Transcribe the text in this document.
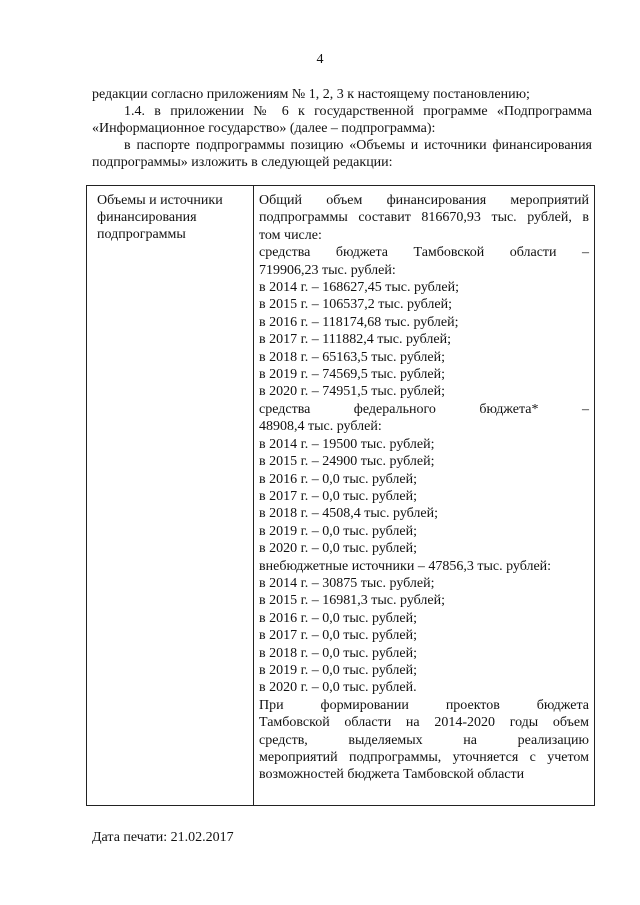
4
редакции согласно приложениям № 1, 2, 3 к настоящему постановлению;
1.4. в приложении № 6 к государственной программе «Подпрограмма «Информационное государство» (далее – подпрограмма):
в паспорте подпрограммы позицию «Объемы и источники финансирования подпрограммы» изложить в следующей редакции:
Объемы и источники финансирования подпрограммы
Общий объем финансирования мероприятий
подпрограммы составит 816670,93 тыс. рублей, в
том числе:
средства бюджета Тамбовской области –
719906,23 тыс. рублей:
в 2014 г. – 168627,45 тыс. рублей;
в 2015 г. – 106537,2 тыс. рублей;
в 2016 г. – 118174,68 тыс. рублей;
в 2017 г. – 111882,4 тыс. рублей;
в 2018 г. – 65163,5 тыс. рублей;
в 2019 г. – 74569,5 тыс. рублей;
в 2020 г. – 74951,5 тыс. рублей;
средства федерального бюджета* –
48908,4 тыс. рублей:
в 2014 г. – 19500 тыс. рублей;
в 2015 г. – 24900 тыс. рублей;
в 2016 г. – 0,0 тыс. рублей;
в 2017 г. – 0,0 тыс. рублей;
в 2018 г. – 4508,4 тыс. рублей;
в 2019 г. – 0,0 тыс. рублей;
в 2020 г. – 0,0 тыс. рублей;
внебюджетные источники – 47856,3 тыс. рублей:
в 2014 г. – 30875 тыс. рублей;
в 2015 г. – 16981,3 тыс. рублей;
в 2016 г. – 0,0 тыс. рублей;
в 2017 г. – 0,0 тыс. рублей;
в 2018 г. – 0,0 тыс. рублей;
в 2019 г. – 0,0 тыс. рублей;
в 2020 г. – 0,0 тыс. рублей.
При формировании проектов бюджета
Тамбовской области на 2014-2020 годы объем
средств, выделяемых на реализацию
мероприятий подпрограммы, уточняется с учетом
возможностей бюджета Тамбовской области
Дата печати: 21.02.2017
